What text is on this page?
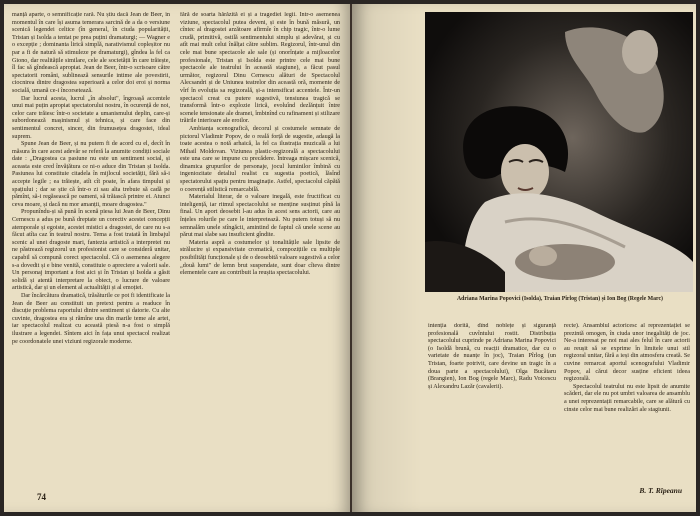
manță aparte, o semnificație rară. Nu știu dacă Jean de Beer, în momentul în care își asuma temerara sarcină de a da o versiune scenică legendei celtice (în general, în ciuda popularității, Tristan și Isolda a tentat pe prea puțini dramaturgi; — Wagner e o excepție ; dominanta lirică simplă, narativismul copleșitor nu par a fi de natură să stimuleze pe dramaturgi), gîndea la fel ca Giono, dar realitățile similare, cele ale societății în care trăiește, îl fac să gîndească apropiat. Jean de Beer, într-o scrisoare către spectatorii români, sublinează sensurile intime ale povestirii, ciocnirea dintre dragostea superioară a celor doi eroi și norma socială, umană ce-i încorsetează.

Dar lucrul acesta, lucrul „în absolut", îngroașă accentele unui mai puțin apropiat spectatorului nostru, în ocurență de noi, celor care trăiesc într-o societate a umanismului deplin, care-și subordonează mașinismul și tehnica, și care face din sentimentul concret, sincer, din frumusețea dragostei, ideal suprem.

Spune Jean de Beer, și nu putem fi de acord cu el, decît în măsura în care acest adevăr se referă la anumite condiții sociale date : „Dragostea ca pasiune nu este un sentiment social, și aceasta este cred învățătura ce ni-o aduce din Tristan și Isolda. Pasiunea lui constituie citadela în mijlocul societății, fără să-i accepte legile ; ea trăiește, atît cît poate, în afara timpului și spațiului ; dar se știe că într-o zi sau alta trebuie să cadă pe pămînt, să-i regăsească pe oameni, să trăiască printre ei. Atunci ceva moare, și dacă nu mor amanții, moare dragostea."

Propunîndu-și să pună în scenă piesa lui Jean de Beer, Dinu Cernescu a adus pe bună dreptate un corectiv acestei concepții atemporale și egoiste, acestei mistici a dragostei, de care nu s-a făcut atîta caz în teatrul nostru. Tema a fost tratată în limbajul scenic al unei dragoste mari, fantezia artistică a interpretei nu ne păstrează regizorul un profesionist care se consideră unitar, capabil să compună corect spectacolul. Că o asemenea alegere s-a dovedit și e bine venită, constituie o apreciere a valorii sale. Un personaj important a fost aici și în Tristan și Isolda a găsit solidă și atentă interpretare la obiect, o lucrare de valoare artistică, dar și un element al actualității și al emoției.

Dar încărcătura dramatică, trăsăturile ce pot fi identificate la Jean de Beer au constituit un pretext pentru a readuce în discuție problema raportului dintre sentiment și datorie. Cu alte cuvinte, dragostea era și rămîne una din marile teme ale artei, iar spectacolul realizat cu această piesă n-a fost o simplă ilustrare a legendei. Sîntem aici în fața unui spectacol realizat pe coordonatele unei viziuni regizorale moderne.

fără de soarta hărăzită ei și a tragediei legii. Într-o asemenea viziune, spectacolul putea deveni, și este în bună măsură, un cîntec al dragostei arzătoare afirmîe în chip tragic, într-o lume crudă, primitivă, ostilă sentimentului simplu și adevărat, și cu atît mai mult celui înălțat către sublim. Regizorul, într-unul din cele mai bune spectacole ale sale (și onorînțate a mijloacelor profesionale, Tristan și Isolda este printre cele mai bune spectacole ale teatrului în această stagiune), a făcut pasul următor, regizorul Dinu Cernescu alături de Spectacolul Alecsandri și de Uniunea teatrelor din această oră, momente de vîrf în evoluția sa regizorală, și-a intensificat accentele. Într-un spectacol creat cu putere sugestivă, tensiunea tragică se transformă într-o explozie lirică, evoluînd dezlănțuit între scenele tensionate ale dramei, îmbinînd cu rafinament și stilizare trăirile interioare ale eroilor.

Ambianța scenografică, decorul și costumele semnate de pictorul Vladimir Popov, de o reală forță de sugestie, adaugă la toate acestea o notă arhaică, la fel ca ilustrația muzicală a lui Mihail Moldovan. Viziunea plastic-regizorală a spectacolului este una care se impune cu precădere. Întreaga mișcare scenică, dinamica grupurilor de personaje, jocul luminilor îmbină cu ingeniozitate detaliul realist cu sugestia poetică, lăsînd spectatorului spațiu pentru imaginație. Astfel, spectacolul căpătă o coerență stilistică remarcabilă.

Materialul literar, de o valoare inegală, este fructificat cu inteligență, iar ritmul spectacolului se menține susținut pînă la final. Un aport deosebit l-au adus în acest sens actorii, care au înțeles rolurile pe care le interpretează. Nu putem totuși să nu semnalăm unele stîngăcii, amintind de faptul că unele scene au părut mai slabe sau insuficient gîndite.

Materia aspră a costumelor și tonalitățile sale lipsite de strălucire și expansivitate cromatică, compozițiile cu multiple posibilități funcționale și de o deosebită valoare sugestivă a celor „două lumi" de lemn brut suspendate, sunt doar cîteva dintre elementele care au contribuit la reușita spectacolului.

74
Adriana Marina Popovici (Isolda), Traian Pîrlog (Tristan) și Ion Bog (Regele Marc)

intenția dorită, dînd noblețe și siguranță profesională cuvîntului rostit. Distribuția spectacolului cuprinde pe Adriana Marina Popovici (o Isoldă brună, cu reacții dramatice, dar cu o varietate de nuanțe în joc), Traian Pîrlog (un Tristan, foarte potrivit, care devine un tragic în a doua parte a spectacolului), Olga Bucătaru (Brangien), Ion Bog (regele Marc), Radu Voicescu și Alexandru Lazăr (cavalerii).

recte). Ansamblul actoricesc al reprezentației se prezintă omogen, în ciuda unor inegalități de joc. Ne-a interesat pe noi mai ales felul în care actorii au reușit să se exprime în limitele unui stil regizoral unitar, fără a ieși din atmosfera creată. Se cuvine remarcat aportul scenografului Vladimir Popov, al cărui decor susține eficient ideea regizorală.

Spectacolul teatrului nu este lipsit de anumite scăderi, dar ele nu pot umbri valoarea de ansamblu a unei reprezentații remarcabile, care se alătură cu cinste celor mai bune realizări ale stagiunii.

B. T. Rîpeanu
